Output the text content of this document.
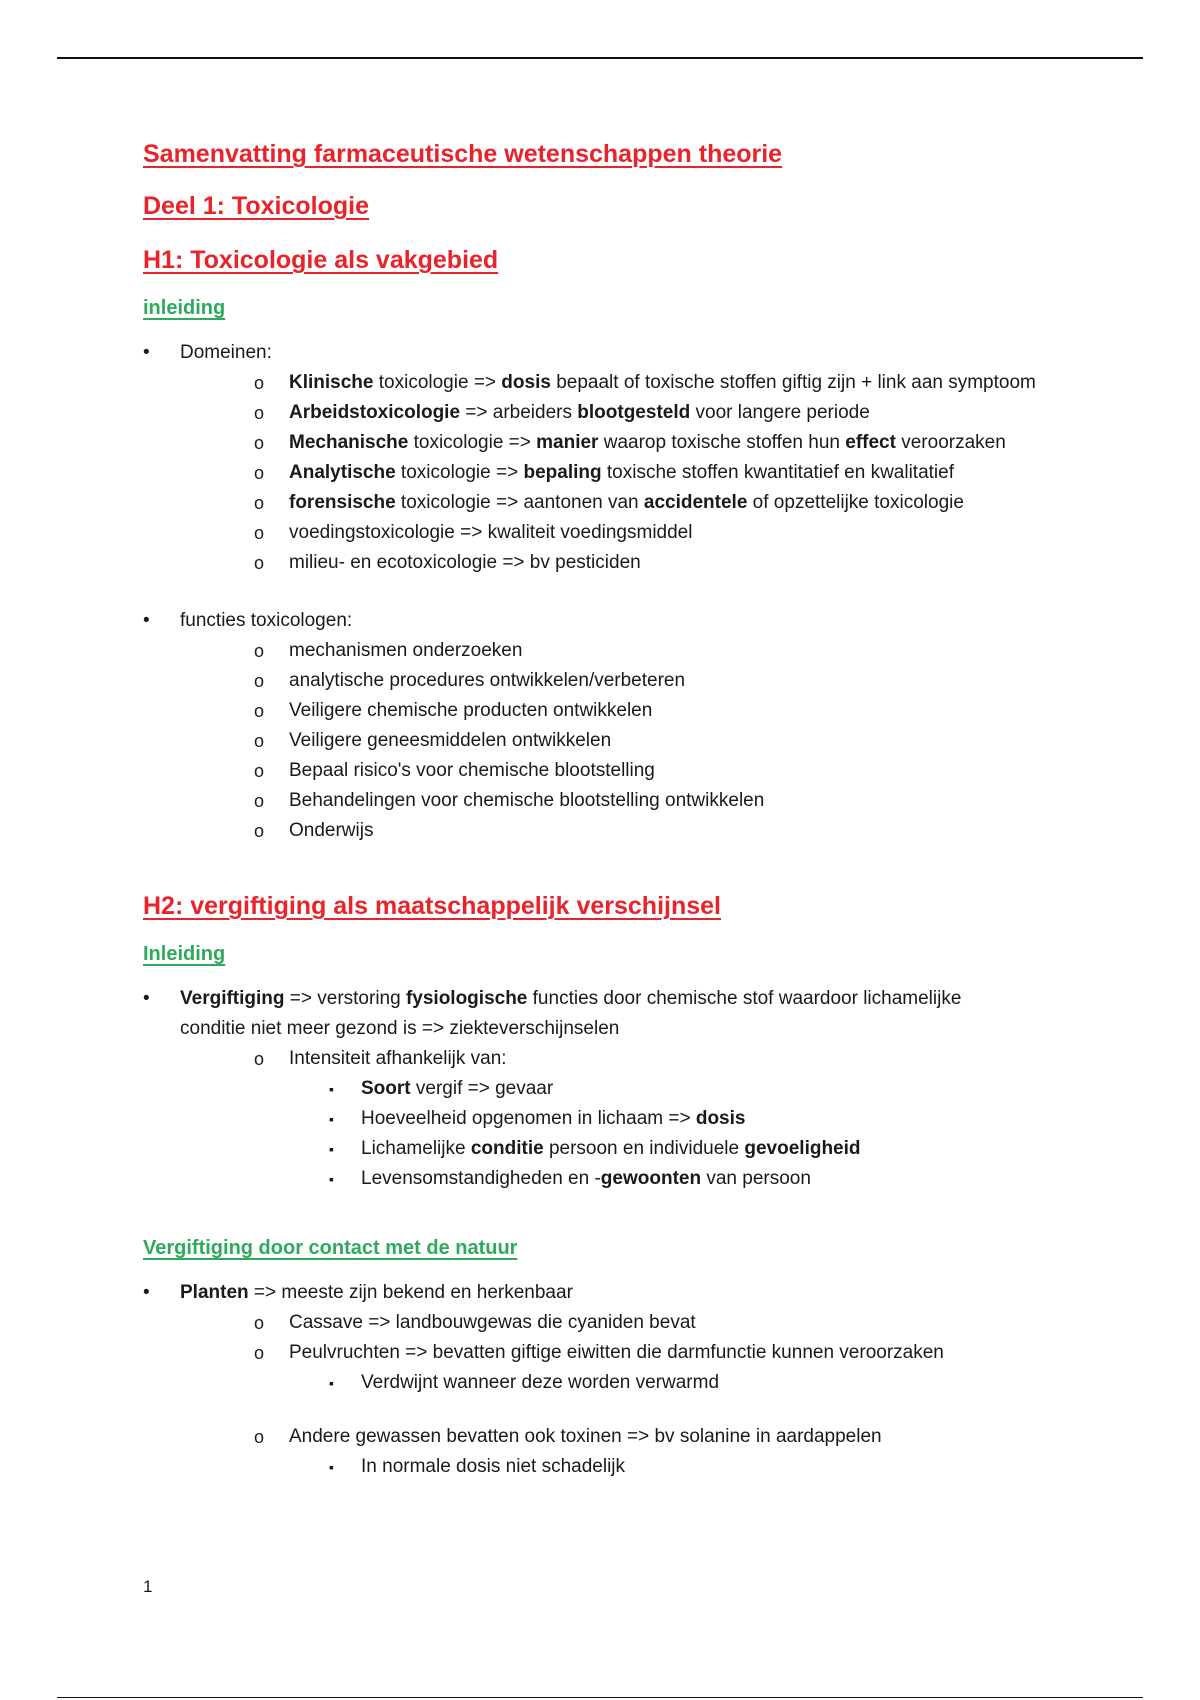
Samenvatting farmaceutische wetenschappen theorie
Deel 1: Toxicologie
H1: Toxicologie als vakgebied
inleiding
• Domeinen:
o Klinische toxicologie => dosis bepaalt of toxische stoffen giftig zijn + link aan symptoom
o Arbeidstoxicologie => arbeiders blootgesteld voor langere periode
o Mechanische toxicologie => manier waarop toxische stoffen hun effect veroorzaken
o Analytische toxicologie => bepaling toxische stoffen kwantitatief en kwalitatief
o forensische toxicologie => aantonen van accidentele of opzettelijke toxicologie
o voedingstoxicologie => kwaliteit voedingsmiddel
o milieu- en ecotoxicologie => bv pesticiden
• functies toxicologen:
o mechanismen onderzoeken
o analytische procedures ontwikkelen/verbeteren
o Veiligere chemische producten ontwikkelen
o Veiligere geneesmiddelen ontwikkelen
o Bepaal risico's voor chemische blootstelling
o Behandelingen voor chemische blootstelling ontwikkelen
o Onderwijs
H2: vergiftiging als maatschappelijk verschijnsel
Inleiding
• Vergiftiging => verstoring fysiologische functies door chemische stof waardoor lichamelijke
conditie niet meer gezond is => ziekteverschijnselen
o Intensiteit afhankelijk van:
▪ Soort vergif => gevaar
▪ Hoeveelheid opgenomen in lichaam => dosis
▪ Lichamelijke conditie persoon en individuele gevoeligheid
▪ Levensomstandigheden en -gewoonten van persoon
Vergiftiging door contact met de natuur
• Planten => meeste zijn bekend en herkenbaar
o Cassave => landbouwgewas die cyaniden bevat
o Peulvruchten => bevatten giftige eiwitten die darmfunctie kunnen veroorzaken
▪ Verdwijnt wanneer deze worden verwarmd
o Andere gewassen bevatten ook toxinen => bv solanine in aardappelen
▪ In normale dosis niet schadelijk
1
